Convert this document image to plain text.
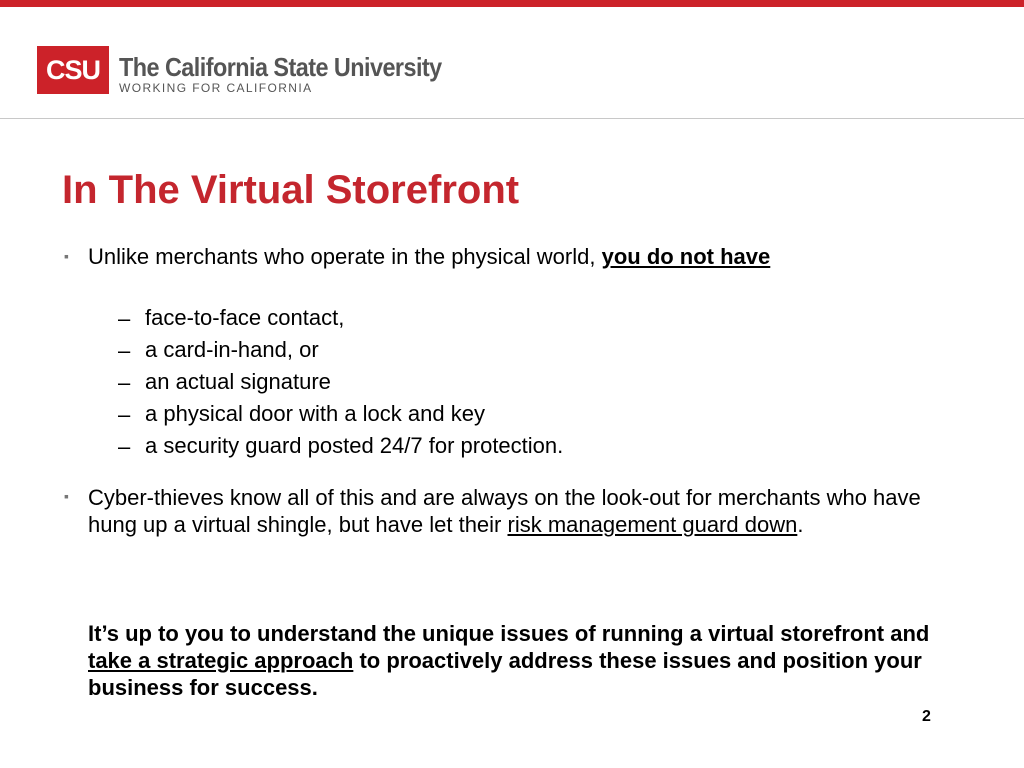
CSU The California State University
WORKING FOR CALIFORNIA
In The Virtual Storefront
▪ Unlike merchants who operate in the physical world, you do not have
– face-to-face contact,
– a card-in-hand, or
– an actual signature
– a physical door with a lock and key
– a security guard posted 24/7 for protection.
▪ Cyber-thieves know all of this and are always on the look-out for merchants who have hung up a virtual shingle, but have let their risk management guard down.
It’s up to you to understand the unique issues of running a virtual storefront and take a strategic approach to proactively address these issues and position your business for success.
2
